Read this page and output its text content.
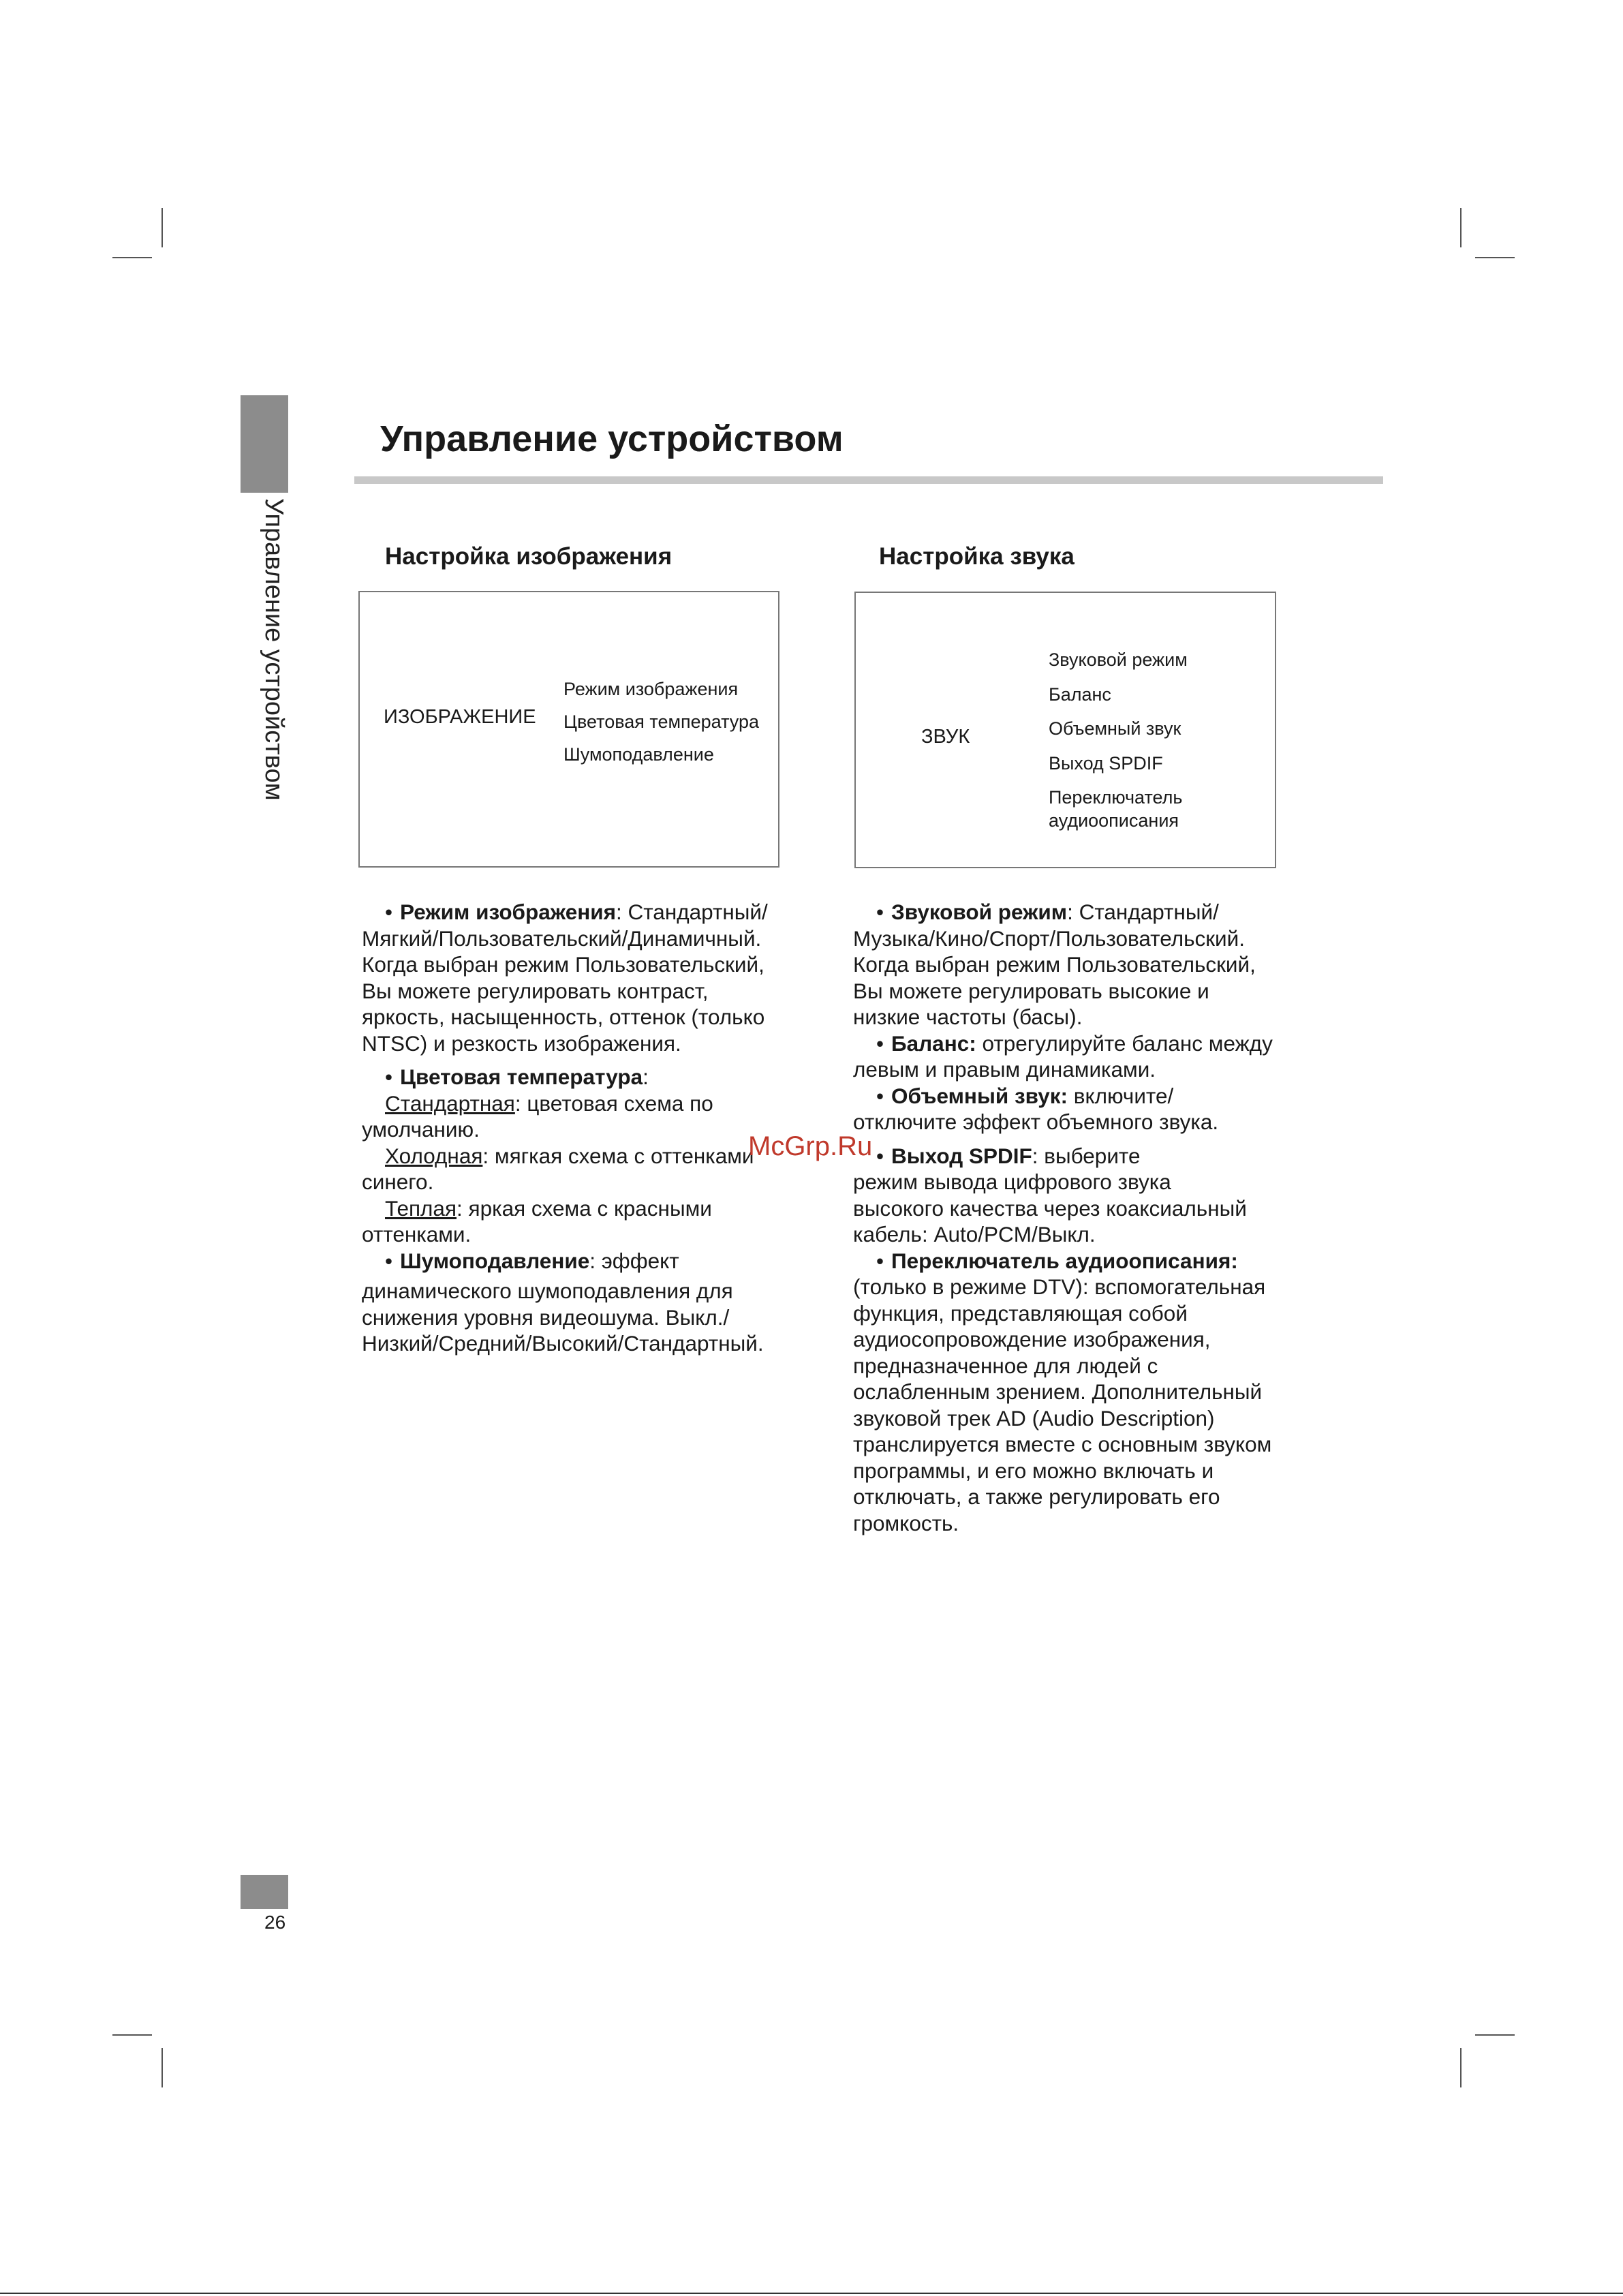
Управление устройством
Управление устройством
Настройка изображения
ИЗОБРАЖЕНИЕ
Режим изображения
Цветовая температура
Шумоподавление
Настройка звука
ЗВУК
Звуковой режим
Баланс
Объемный звук
Выход SPDIF
Переключатель
аудиоописания

• Режим изображения: Стандартный/
Мягкий/Пользовательский/Динамичный.
Когда выбран режим Пользовательский,
Вы можете регулировать контраст,
яркость, насыщенность, оттенок (только
NTSC) и резкость изображения.

• Цветовая температура:
Стандартная: цветовая схема по
умолчанию.
Холодная: мягкая схема с оттенками
синего.
Теплая: яркая схема с красными
оттенками.
• Шумоподавление: эффект

динамического шумоподавления для
снижения уровня видеошума. Выкл./
Низкий/Средний/Высокий/Стандартный.

• Звуковой режим: Стандартный/
Музыка/Кино/Спорт/Пользовательский.
Когда выбран режим Пользовательский,
Вы можете регулировать высокие и
низкие частоты (басы).

• Баланс: отрегулируйте баланс между
левым и правым динамиками.

• Объемный звук: включите/
отключите эффект объемного звука.

• Выход SPDIF: выберите
режим вывода цифрового звука
высокого качества через коаксиальный
кабель: Auto/PCM/Выкл.

• Переключатель аудиоописания:
(только в режиме DTV): вспомогательная
функция, представляющая собой
аудиосопровождение изображения,
предназначенное для людей с
ослабленным зрением. Дополнительный
звуковой трек AD (Audio Description)
транслируется вместе с основным звуком
программы, и его можно включать и
отключать, а также регулировать его
громкость.

McGrp.Ru
26
